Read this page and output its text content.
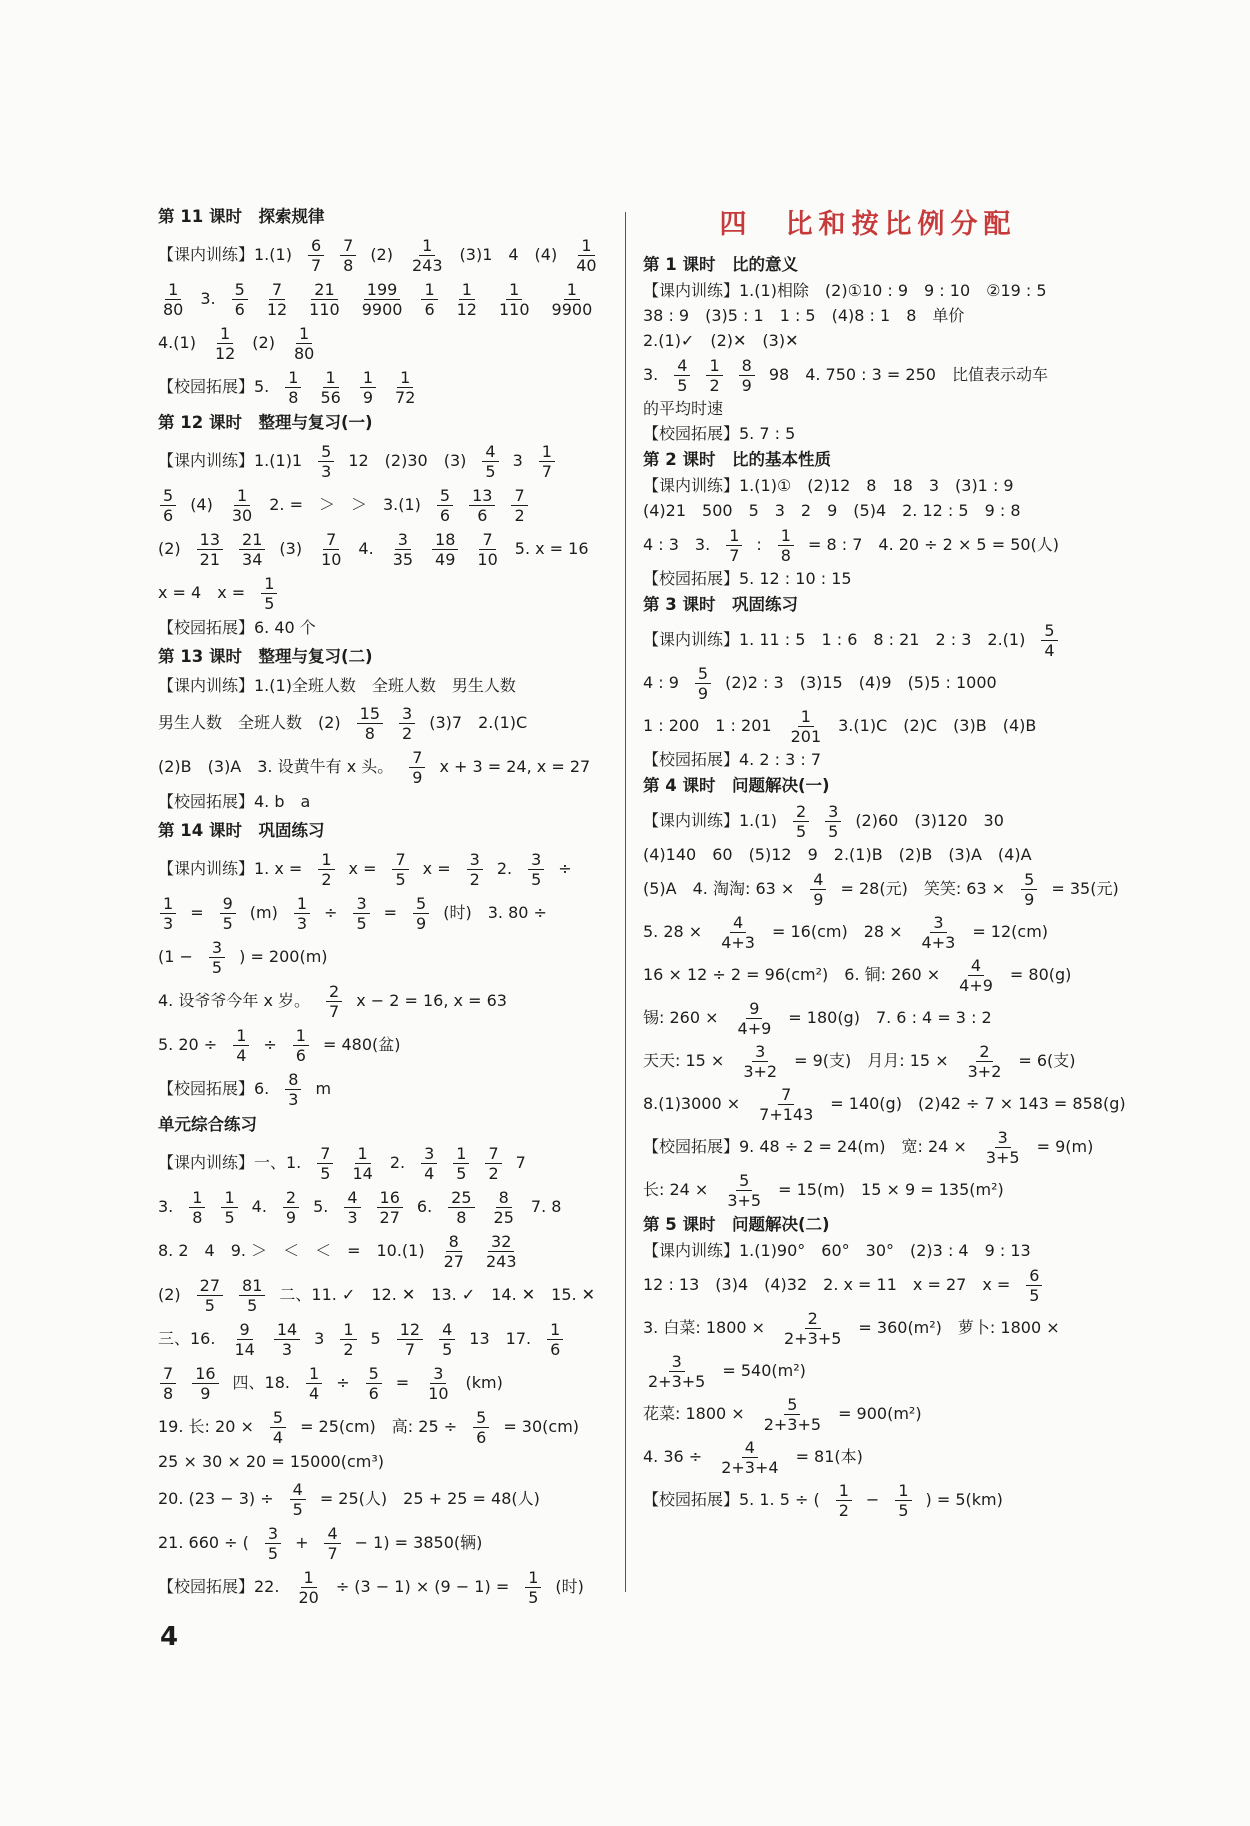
第 11 课时　探索规律
【课内训练】$1.(1) \frac{6}{7} \frac{7}{8} (2) \frac{1}{243} (3)1$　4　$(4) \frac{1}{40}$
$\frac{1}{80} 3$. $\frac{5}{6} \frac{7}{12} \frac{21}{110} \frac{199}{9900} \frac{1}{6} \frac{1}{12} \frac{1}{110} \frac{1}{9900}$
$4.(1) \frac{1}{12} (2) \frac{1}{80}$
【校园拓展】5. $\frac{1}{8} \frac{1}{56} \frac{1}{9} \frac{1}{72}$
第 12 课时　整理与复习(一)
【课内训练】$1.(1)1 \frac{5}{3} 12$　(2)30　$(3) \frac{4}{5} 3 \frac{1}{7}$
$\frac{5}{6} (4) \frac{1}{30} 2$. =　＞　＞　$3.(1) \frac{5}{6} \frac{13}{6} \frac{7}{2}$
$(2) \frac{13}{21} \frac{21}{34} (3) \frac{7}{10} 4$. $\frac{3}{35} \frac{18}{49} \frac{7}{10} 5$. x = 16
x = 4　$x = \frac{1}{5}$
【校园拓展】6. 40 个
第 13 课时　整理与复习(二)
【课内训练】1.(1)全班人数　全班人数　男生人数
男生人数　全班人数　$(2) \frac{15}{8} \frac{3}{2} (3)7$　2.(1)C
(2)B　(3)A　3. 设黄牛有 x 头。 $\frac{7}{9}$ x + 3 = 24, x = 27
【校园拓展】4. b　a
第 14 课时　巩固练习
【课内训练】1. $x = \frac{1}{2}$ $x = \frac{7}{5}$ $x = \frac{3}{2} 2$. $\frac{3}{5}$ ÷
$\frac{1}{3} = \frac{9}{5} (m) \frac{1}{3} \div \frac{3}{5} = \frac{5}{9}$ (时)　3. 80 ÷
($1 - \frac{3}{5}$ ) = 200(m)
4. 设爷爷今年 x 岁。 $\frac{2}{7}$ x − 2 = 16, x = 63
5. $20 \div \frac{1}{4} \div \frac{1}{6} = 480$(盆)
【校园拓展】6. $\frac{8}{3}$ m
单元综合练习
【课内训练】一、1. $\frac{7}{5} \frac{1}{14} 2$. $\frac{3}{4} \frac{1}{5} \frac{7}{2} 7$
3. $\frac{1}{8} \frac{1}{5} 4$. $\frac{2}{9} 5$. $\frac{4}{3} \frac{16}{27} 6$. $\frac{25}{8} \frac{8}{25} 7$. 8
8. 2　4　9. ＞　＜　＜　=　$10.(1) \frac{8}{27} \frac{32}{243}$
$(2) \frac{27}{5} \frac{81}{5}$ 二、11. ✓　12. ✕　13. ✓　14. ✕　15. ✕
三、16. $\frac{9}{14} \frac{14}{3} 3 \frac{1}{2} 5 \frac{12}{7} \frac{4}{5} 13$　17. $\frac{1}{6}$
$\frac{7}{8} \frac{16}{9}$ 四、18. $\frac{1}{4} \div \frac{5}{6} = \frac{3}{10} (km)$
19. 长: $20 \times \frac{5}{4} = 25(cm)$　高: $25 \div \frac{5}{6} = 30(cm)$
25 × 30 × 20 = 15000(cm³)
20. $(23 - 3) \div \frac{4}{5} = 25$(人)　25 + 25 = 48(人)
21. 660 ÷ ( $\frac{3}{5} + \frac{4}{7} - 1) = 3850$(辆)
【校园拓展】22. $\frac{1}{20} \div (3 - 1) \times (9 - 1) = \frac{1}{5}$ (时)
四　比和按比例分配
第 1 课时　比的意义
【课内训练】1.(1)相除　(2)①10 : 9　9 : 10　②19 : 5
38 : 9　(3)5 : 1　1 : 5　(4)8 : 1　8　单价
2.(1)✓　(2)✕　(3)✕
3. $\frac{4}{5} \frac{1}{2} \frac{8}{9} 98$　4. 750 : 3 = 250　比值表示动车
的平均时速
【校园拓展】5. 7 : 5
第 2 课时　比的基本性质
【课内训练】1.(1)①　(2)12　8　18　3　(3)1 : 9
(4)21　500　5　3　2　9　(5)4　2. 12 : 5　9 : 8
4 : 3　3. $\frac{1}{7}$ : $\frac{1}{8} = 8$ : 7　4. 20 ÷ 2 × 5 = 50(人)
【校园拓展】5. 12 : 10 : 15
第 3 课时　巩固练习
【课内训练】1. 11 : 5　1 : 6　8 : 21　2 : 3　$2.(1) \frac{5}{4}$
4 : $9 \frac{5}{9} (2)2$ : 3　(3)15　(4)9　(5)5 : 1000
1 : 200　1 : $201 \frac{1}{201} 3.(1)C$　(2)C　(3)B　(4)B
【校园拓展】4. 2 : 3 : 7
第 4 课时　问题解决(一)
【课内训练】$1.(1) \frac{2}{5} \frac{3}{5} (2)60$　(3)120　30
(4)140　60　(5)12　9　2.(1)B　(2)B　(3)A　(4)A
(5)A　4. 淘淘: $63 \times \frac{4}{9} = 28$(元)　笑笑: $63 \times \frac{5}{9} = 35$(元)
5. $28 \times \frac{4}{4+3} = 16(cm)$　$28 \times \frac{3}{4+3} = 12(cm)$
16 × 12 ÷ 2 = 96(cm²)　6. 铜: $260 \times \frac{4}{4+9} = 80(g)$
锡: $260 \times \frac{9}{4+9} = 180(g)$　7. 6 : 4 = 3 : 2
天天: $15 \times \frac{3}{3+2} = 9$(支)　月月: $15 \times \frac{2}{3+2} = 6$(支)
$8.(1)3000 \times \frac{7}{7+143} = 140(g)$　(2)42 ÷ 7 × 143 = 858(g)
【校园拓展】9. 48 ÷ 2 = 24(m)　宽: $24 \times \frac{3}{3+5} = 9(m)$
长: $24 \times \frac{5}{3+5} = 15(m)$　15 × 9 = 135(m²)
第 5 课时　问题解决(二)
【课内训练】1.(1)90°　60°　30°　(2)3 : 4　9 : 13
12 : 13　(3)4　(4)32　2. x = 11　x = 27　$x = \frac{6}{5}$
3. 白菜: $1800 \times \frac{2}{2+3+5} = 360(m^2)$　萝卜: 1800 ×
$\frac{3}{2+3+5} = 540(m^2)$
花菜: $1800 \times \frac{5}{2+3+5} = 900(m^2)$
4. $36 \div \frac{4}{2+3+4} = 81$(本)
【校园拓展】5. 1. 5 ÷ ( $\frac{1}{2} - \frac{1}{5}$ ) = 5(km)
4
